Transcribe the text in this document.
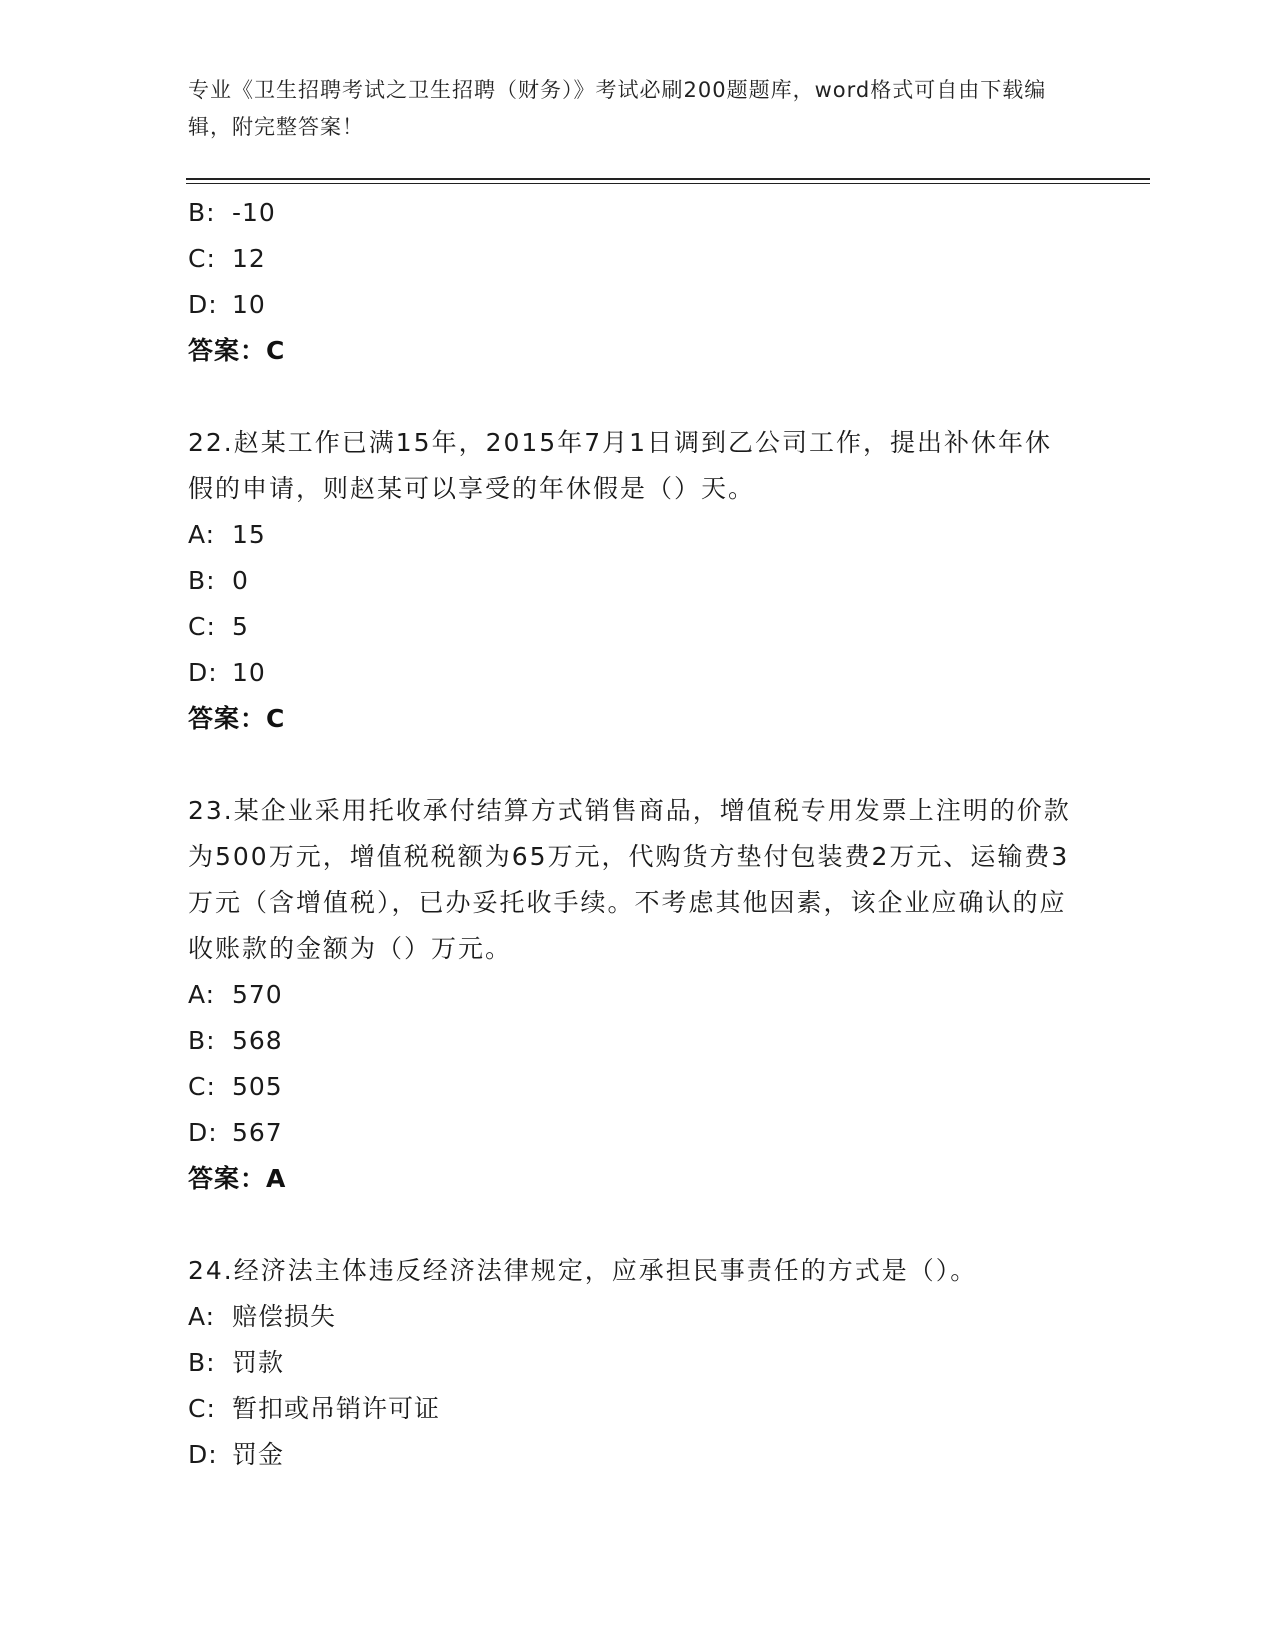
专业《卫生招聘考试之卫生招聘（财务）》考试必刷200题题库，word格式可自由下载编辑，附完整答案！
B: -10
C: 12
D: 10
答案：C
22.赵某工作已满15年，2015年7月1日调到乙公司工作，提出补休年休假的申请，则赵某可以享受的年休假是（）天。
A: 15
B: 0
C: 5
D: 10
答案：C
23.某企业采用托收承付结算方式销售商品，增值税专用发票上注明的价款为500万元，增值税税额为65万元，代购货方垫付包装费2万元、运输费3万元（含增值税），已办妥托收手续。不考虑其他因素，该企业应确认的应收账款的金额为（）万元。
A: 570
B: 568
C: 505
D: 567
答案：A
24.经济法主体违反经济法律规定，应承担民事责任的方式是（）。
A: 赔偿损失
B: 罚款
C: 暂扣或吊销许可证
D: 罚金
